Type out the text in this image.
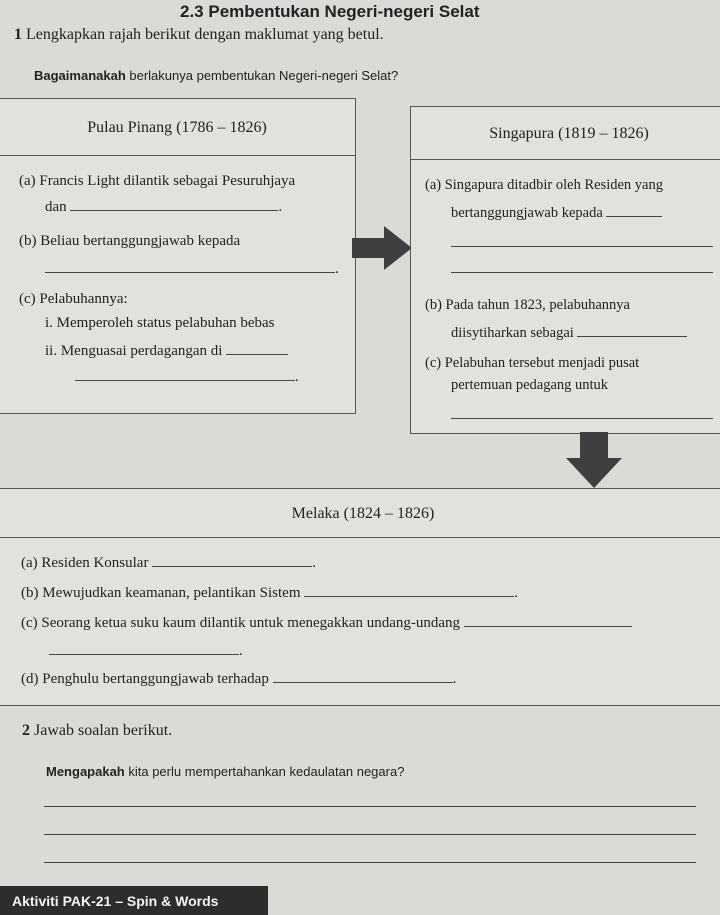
2.3 Pembentukan Negeri-negeri Selat
1 Lengkapkan rajah berikut dengan maklumat yang betul.
Bagaimanakah berlakunya pembentukan Negeri-negeri Selat?
Pulau Pinang (1786 – 1826)
(a) Francis Light dilantik sebagai Pesuruhjaya
dan	.
(b) Beliau bertanggungjawab kepada
.
(c) Pelabuhannya:
i. Memperoleh status pelabuhan bebas
ii. Menguasai perdagangan di
.
Singapura (1819 – 1826)
(a) Singapura ditadbir oleh Residen yang
bertanggungjawab kepada
(b) Pada tahun 1823, pelabuhannya
diisytiharkan sebagai
(c) Pelabuhan tersebut menjadi pusat
pertemuan pedagang untuk
Melaka (1824 – 1826)
(a) Residen Konsular	.
(b) Mewujudkan keamanan, pelantikan Sistem	.
(c) Seorang ketua suku kaum dilantik untuk menegakkan undang-undang
.
(d) Penghulu bertanggungjawab terhadap	.
2 Jawab soalan berikut.
Mengapakah kita perlu mempertahankan kedaulatan negara?
Aktiviti PAK-21 – Spin & Words
